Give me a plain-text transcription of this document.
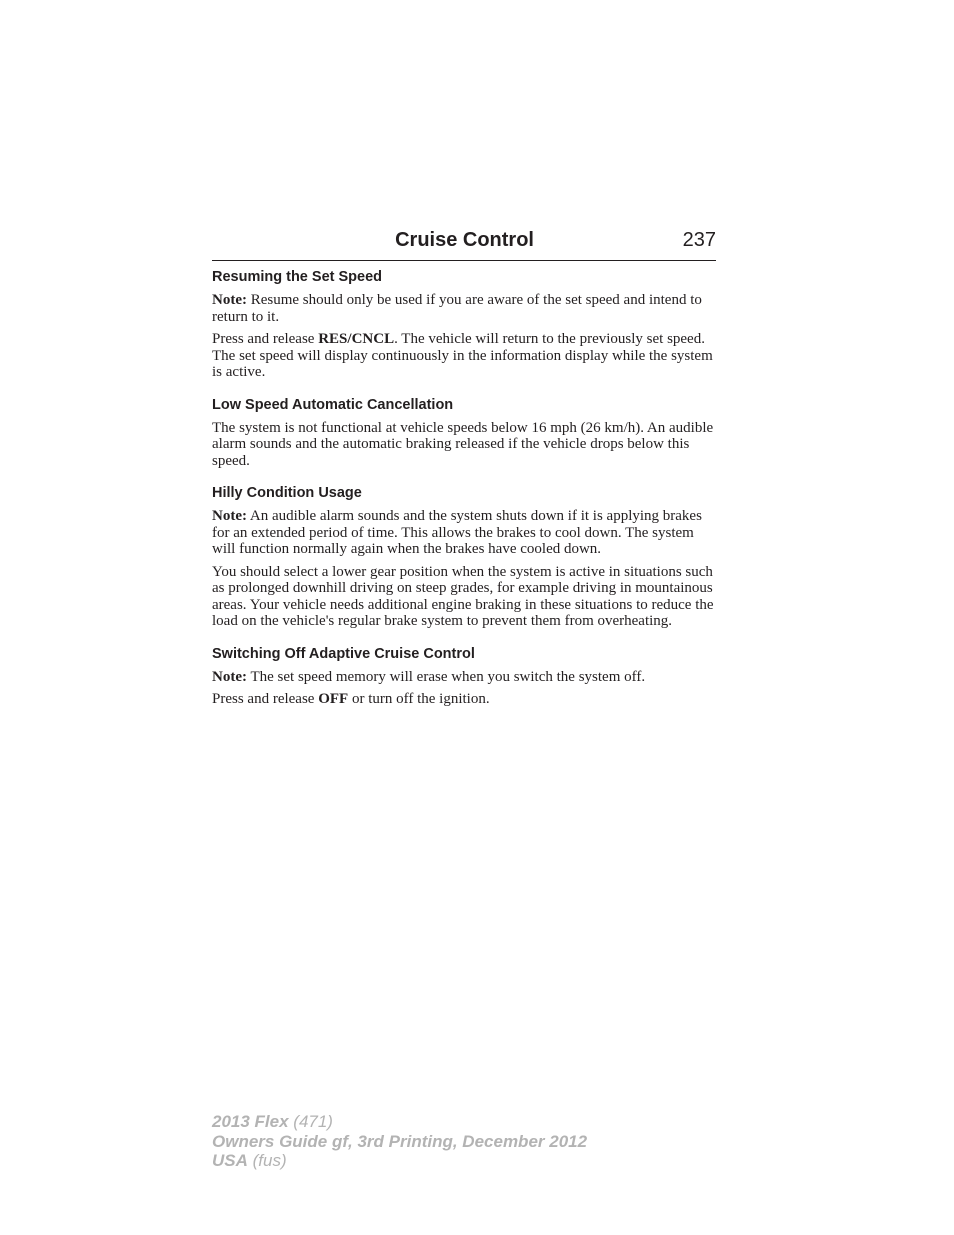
Cruise Control	237
Resuming the Set Speed

Note: Resume should only be used if you are aware of the set speed and intend to return to it.

Press and release RES/CNCL. The vehicle will return to the previously set speed. The set speed will display continuously in the information display while the system is active.

Low Speed Automatic Cancellation

The system is not functional at vehicle speeds below 16 mph (26 km/h). An audible alarm sounds and the automatic braking released if the vehicle drops below this speed.

Hilly Condition Usage

Note: An audible alarm sounds and the system shuts down if it is applying brakes for an extended period of time. This allows the brakes to cool down. The system will function normally again when the brakes have cooled down.

You should select a lower gear position when the system is active in situations such as prolonged downhill driving on steep grades, for example driving in mountainous areas. Your vehicle needs additional engine braking in these situations to reduce the load on the vehicle's regular brake system to prevent them from overheating.

Switching Off Adaptive Cruise Control

Note: The set speed memory will erase when you switch the system off.

Press and release OFF or turn off the ignition.

2013 Flex (471)
Owners Guide gf, 3rd Printing, December 2012
USA (fus)
